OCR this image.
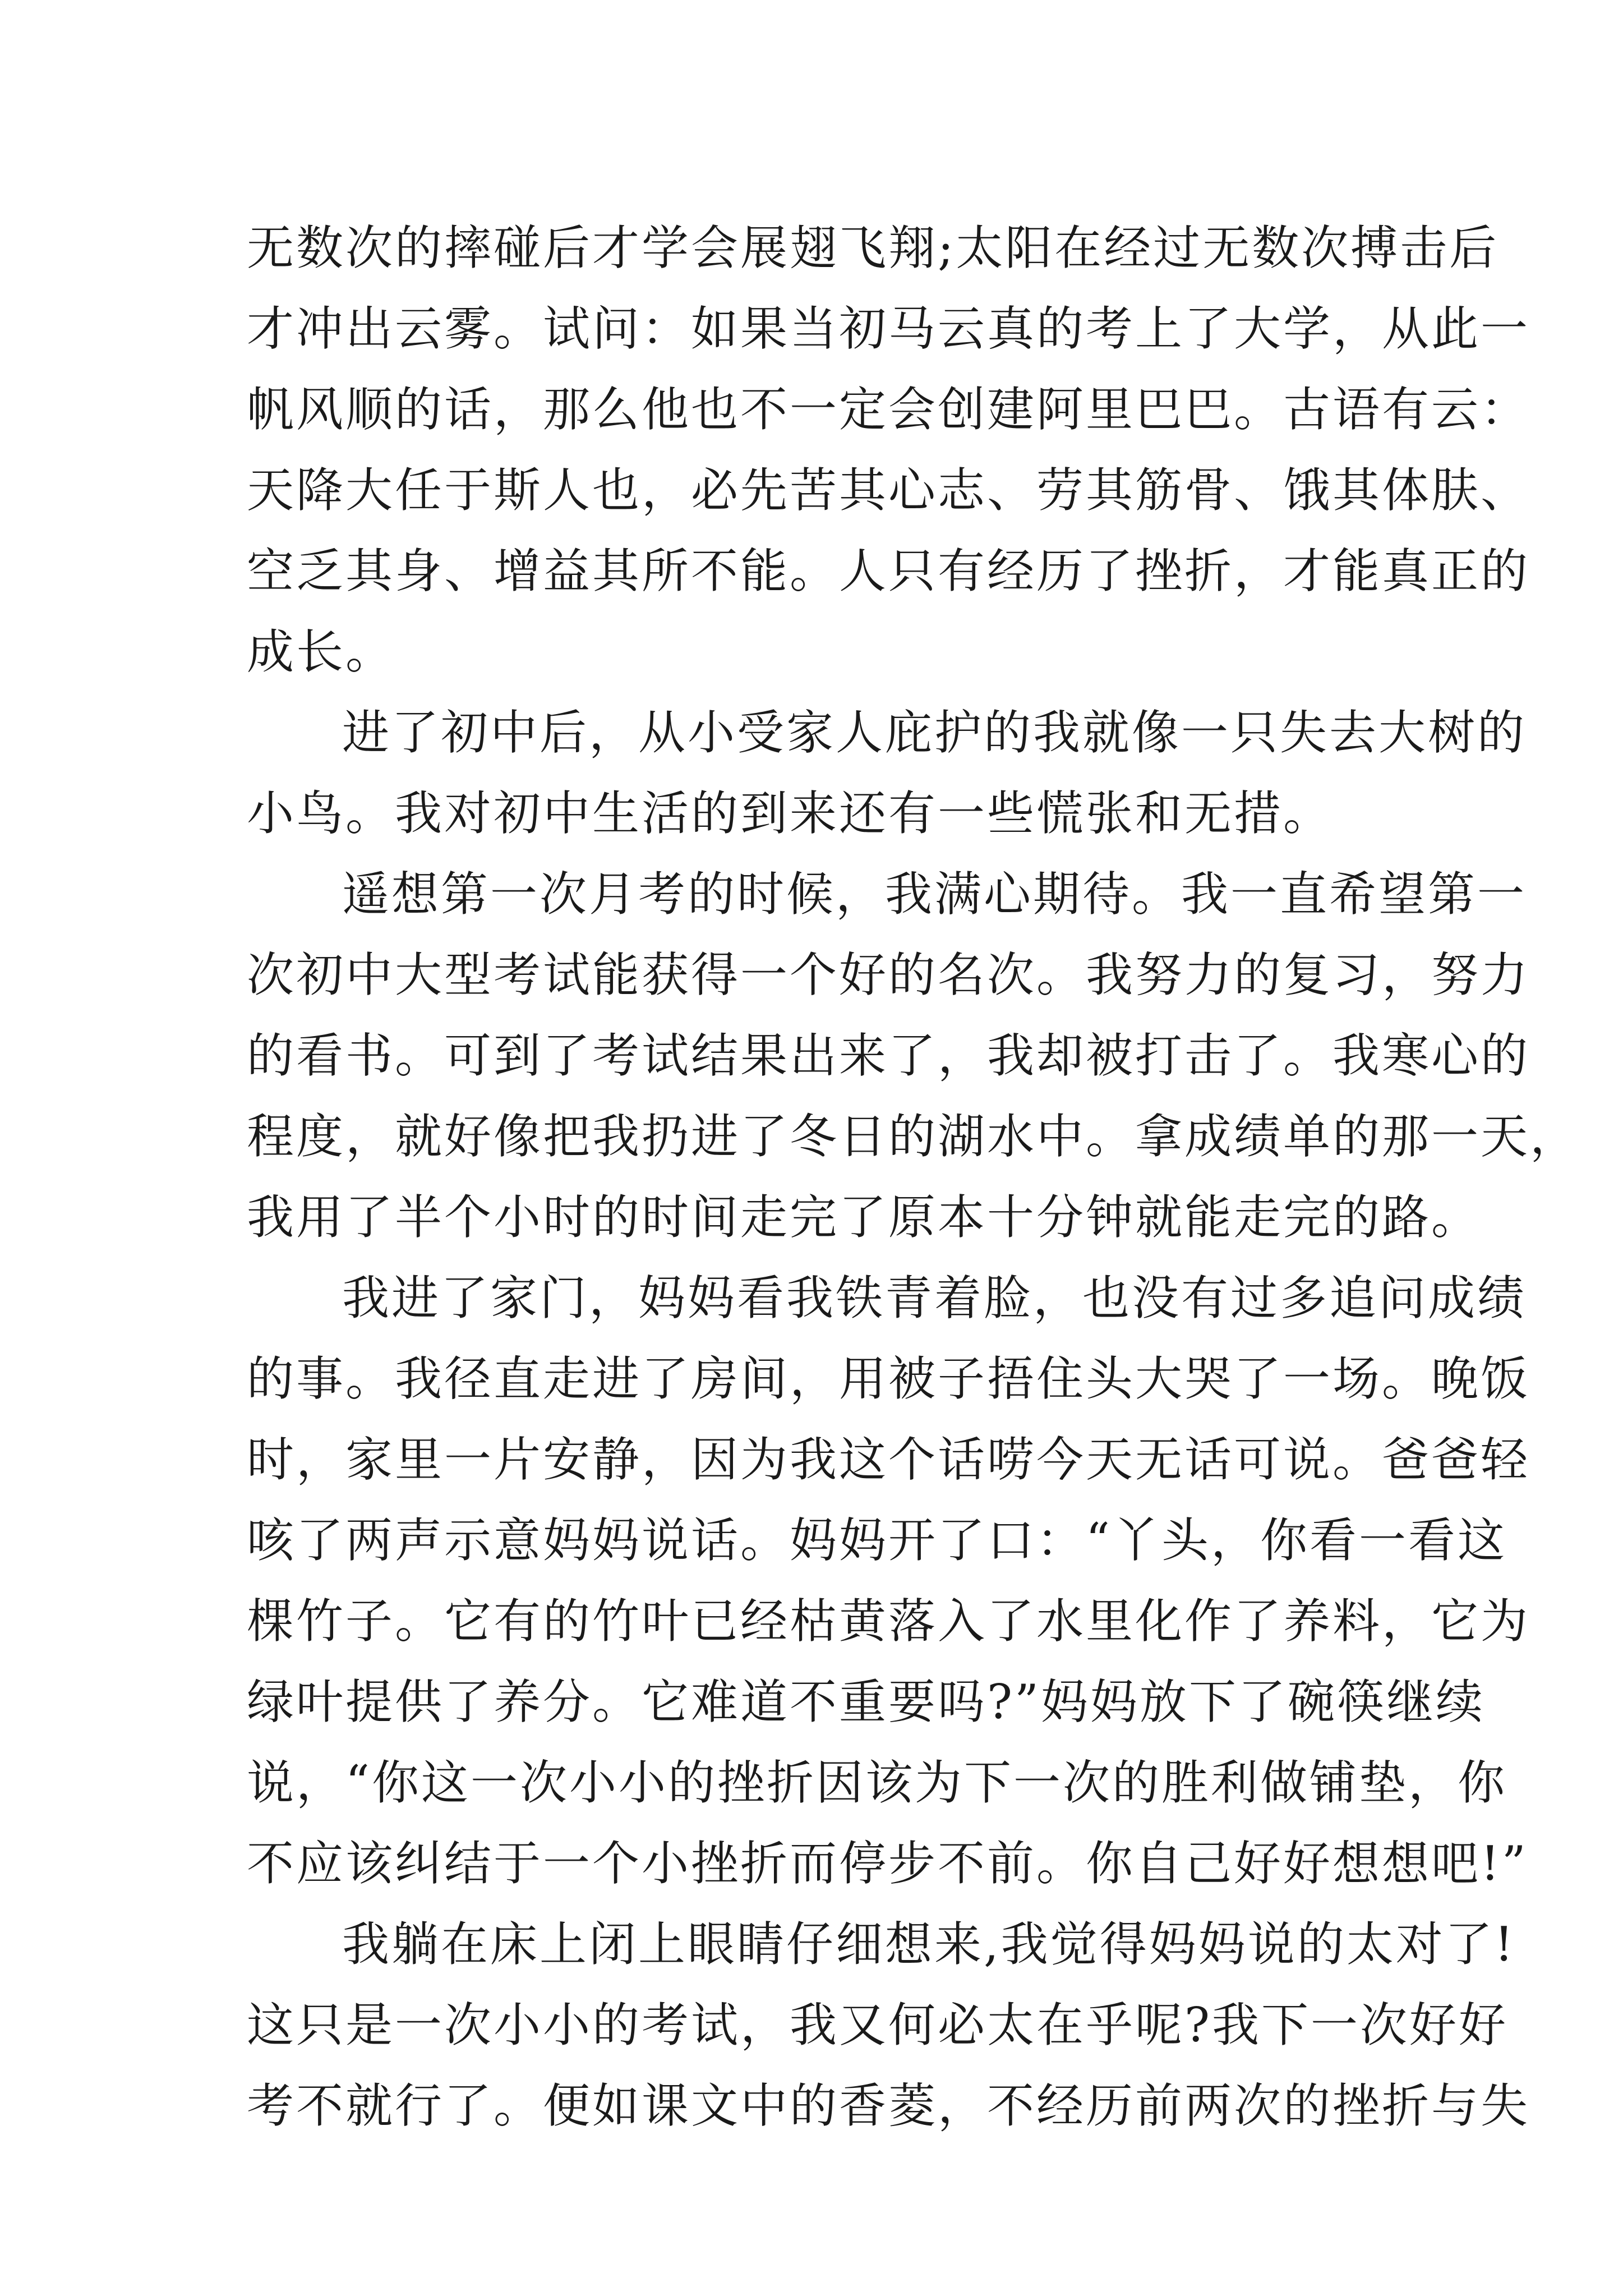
无数次的摔碰后才学会展翅飞翔;太阳在经过无数次搏击后
才冲出云雾。试问：如果当初马云真的考上了大学，从此一
帆风顺的话，那么他也不一定会创建阿里巴巴。古语有云：
天降大任于斯人也，必先苦其心志、劳其筋骨、饿其体肤、
空乏其身、增益其所不能。人只有经历了挫折，才能真正的
成长。
进了初中后，从小受家人庇护的我就像一只失去大树的
小鸟。我对初中生活的到来还有一些慌张和无措。
遥想第一次月考的时候，我满心期待。我一直希望第一
次初中大型考试能获得一个好的名次。我努力的复习，努力
的看书。可到了考试结果出来了，我却被打击了。我寒心的
程度，就好像把我扔进了冬日的湖水中。拿成绩单的那一天，
我用了半个小时的时间走完了原本十分钟就能走完的路。
我进了家门，妈妈看我铁青着脸，也没有过多追问成绩
的事。我径直走进了房间，用被子捂住头大哭了一场。晚饭
时，家里一片安静，因为我这个话唠今天无话可说。爸爸轻
咳了两声示意妈妈说话。妈妈开了口：“丫头，你看一看这
棵竹子。它有的竹叶已经枯黄落入了水里化作了养料，它为
绿叶提供了养分。它难道不重要吗?”妈妈放下了碗筷继续
说，“你这一次小小的挫折因该为下一次的胜利做铺垫，你
不应该纠结于一个小挫折而停步不前。你自己好好想想吧!”
我躺在床上闭上眼睛仔细想来,我觉得妈妈说的太对了!
这只是一次小小的考试，我又何必太在乎呢?我下一次好好
考不就行了。便如课文中的香菱，不经历前两次的挫折与失
